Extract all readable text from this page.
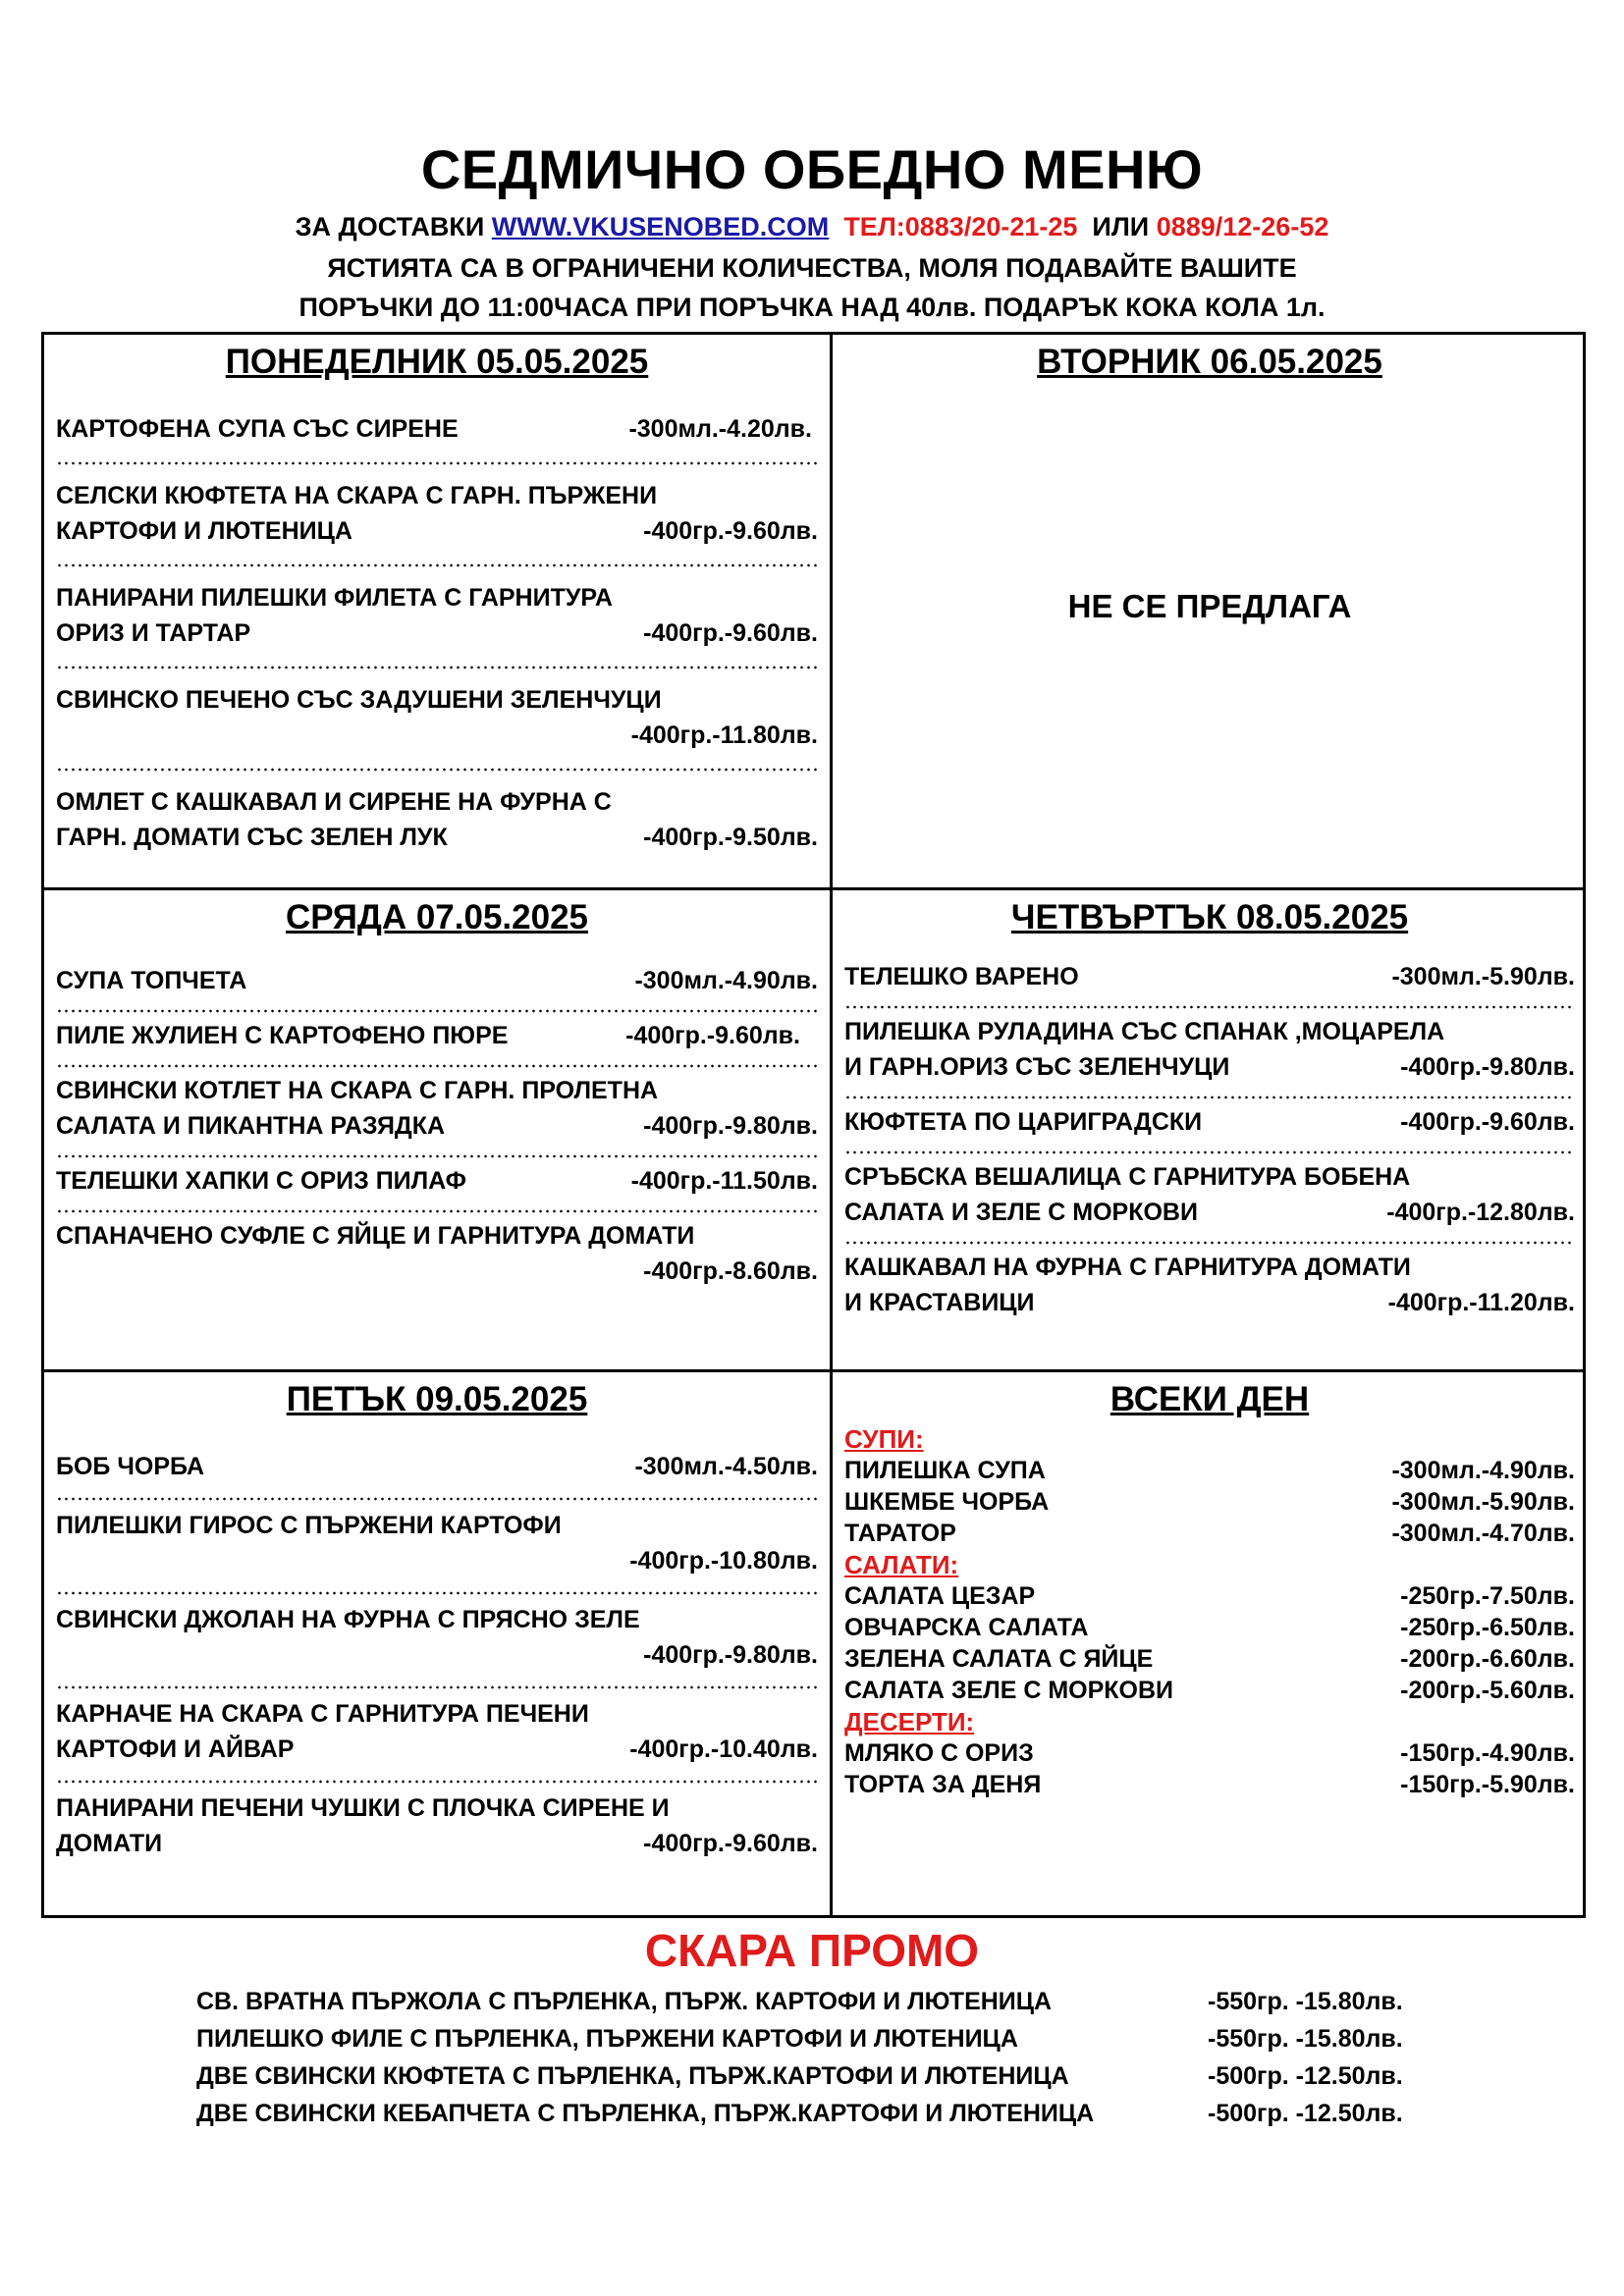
СЕДМИЧНО ОБЕДНО МЕНЮ
ЗА ДОСТАВКИ WWW.VKUSENOBED.COM ТЕЛ:0883/20-21-25 ИЛИ 0889/12-26-52
ЯСТИЯТА СА В ОГРАНИЧЕНИ КОЛИЧЕСТВА, МОЛЯ ПОДАВАЙТЕ ВАШИТЕ
ПОРЪЧКИ ДО 11:00ЧАСА ПРИ ПОРЪЧКА НАД 40лв. ПОДАРЪК КОКА КОЛА 1л.
ПОНЕДЕЛНИК 05.05.2025
КАРТОФЕНА СУПА СЪС СИРЕНЕ	-300мл.-4.20лв.
СЕЛСКИ КЮФТЕТА НА СКАРА С ГАРН. ПЪРЖЕНИ
КАРТОФИ И ЛЮТЕНИЦА	-400гр.-9.60лв.
ПАНИРАНИ ПИЛЕШКИ ФИЛЕТА С ГАРНИТУРА
ОРИЗ И ТАРТАР	-400гр.-9.60лв.
СВИНСКО ПЕЧЕНО СЪС ЗАДУШЕНИ ЗЕЛЕНЧУЦИ
-400гр.-11.80лв.
ОМЛЕТ С КАШКАВАЛ И СИРЕНЕ НА ФУРНА С
ГАРН. ДОМАТИ СЪС ЗЕЛЕН ЛУК	-400гр.-9.50лв.
ВТОРНИК 06.05.2025
НЕ СЕ ПРЕДЛАГА
СРЯДА 07.05.2025
СУПА ТОПЧЕТА	-300мл.-4.90лв.
ПИЛЕ ЖУЛИЕН С КАРТОФЕНО ПЮРЕ	-400гр.-9.60лв.
СВИНСКИ КОТЛЕТ НА СКАРА С ГАРН. ПРОЛЕТНА
САЛАТА И ПИКАНТНА РАЗЯДКА	-400гр.-9.80лв.
ТЕЛЕШКИ ХАПКИ С ОРИЗ ПИЛАФ	-400гр.-11.50лв.
СПАНАЧЕНО СУФЛЕ С ЯЙЦЕ И ГАРНИТУРА ДОМАТИ
-400гр.-8.60лв.
ЧЕТВЪРТЪК 08.05.2025
ТЕЛЕШКО ВАРЕНО	-300мл.-5.90лв.
ПИЛЕШКА РУЛАДИНА СЪС СПАНАК ,МОЦАРЕЛА
И ГАРН.ОРИЗ СЪС ЗЕЛЕНЧУЦИ	-400гр.-9.80лв.
КЮФТЕТА ПО ЦАРИГРАДСКИ	-400гр.-9.60лв.
СРЪБСКА ВЕШАЛИЦА С ГАРНИТУРА БОБЕНА
САЛАТА И ЗЕЛЕ С МОРКОВИ	-400гр.-12.80лв.
КАШКАВАЛ НА ФУРНА С ГАРНИТУРА ДОМАТИ
И КРАСТАВИЦИ	-400гр.-11.20лв.
ПЕТЪК 09.05.2025
БОБ ЧОРБА	-300мл.-4.50лв.
ПИЛЕШКИ ГИРОС С ПЪРЖЕНИ КАРТОФИ
-400гр.-10.80лв.
СВИНСКИ ДЖОЛАН НА ФУРНА С ПРЯСНО ЗЕЛЕ
-400гр.-9.80лв.
КАРНАЧЕ НА СКАРА С ГАРНИТУРА ПЕЧЕНИ
КАРТОФИ И АЙВАР	-400гр.-10.40лв.
ПАНИРАНИ ПЕЧЕНИ ЧУШКИ С ПЛОЧКА СИРЕНЕ И
ДОМАТИ	-400гр.-9.60лв.
ВСЕКИ ДЕН
СУПИ:
ПИЛЕШКА СУПА	-300мл.-4.90лв.
ШКЕМБЕ ЧОРБА	-300мл.-5.90лв.
ТАРАТОР	-300мл.-4.70лв.
САЛАТИ:
САЛАТА ЦЕЗАР	-250гр.-7.50лв.
ОВЧАРСКА САЛАТА	-250гр.-6.50лв.
ЗЕЛЕНА САЛАТА С ЯЙЦЕ	-200гр.-6.60лв.
САЛАТА ЗЕЛЕ С МОРКОВИ	-200гр.-5.60лв.
ДЕСЕРТИ:
МЛЯКО С ОРИЗ	-150гр.-4.90лв.
ТОРТА ЗА ДЕНЯ	-150гр.-5.90лв.
СКАРА ПРОМО
СВ. ВРАТНА ПЪРЖОЛА С ПЪРЛЕНКА, ПЪРЖ. КАРТОФИ И ЛЮТЕНИЦА	-550гр. -15.80лв.
ПИЛЕШКО ФИЛЕ С ПЪРЛЕНКА, ПЪРЖЕНИ КАРТОФИ И ЛЮТЕНИЦА	-550гр. -15.80лв.
ДВЕ СВИНСКИ КЮФТЕТА С ПЪРЛЕНКА, ПЪРЖ.КАРТОФИ И ЛЮТЕНИЦА	-500гр. -12.50лв.
ДВЕ СВИНСКИ КЕБАПЧЕТА С ПЪРЛЕНКА, ПЪРЖ.КАРТОФИ И ЛЮТЕНИЦА	-500гр. -12.50лв.
